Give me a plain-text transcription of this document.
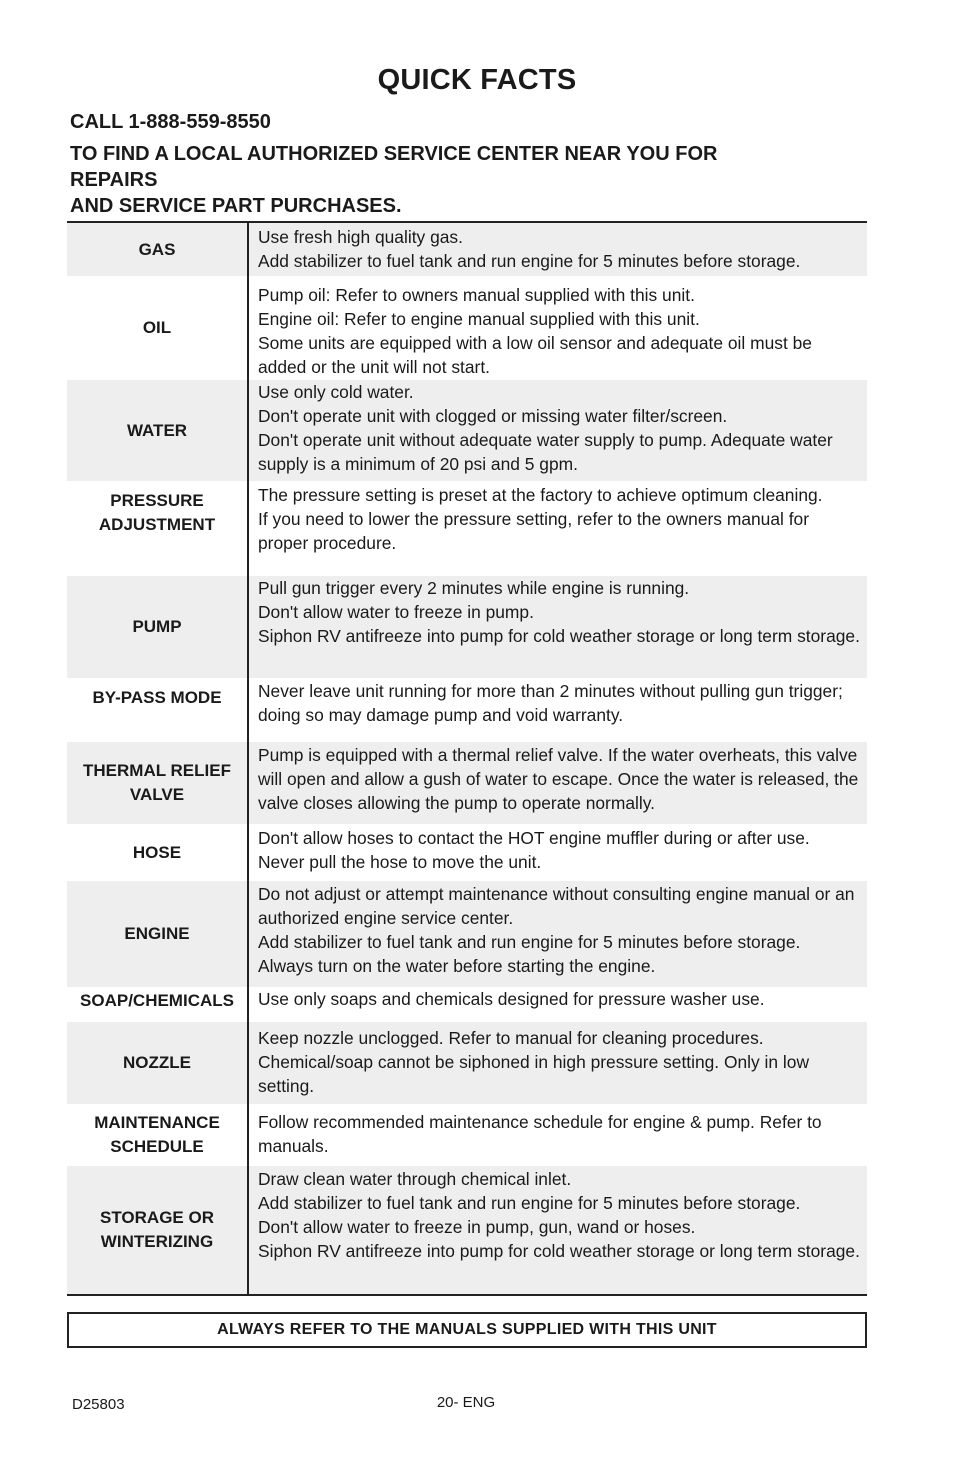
QUICK FACTS
CALL 1-888-559-8550
TO FIND A LOCAL AUTHORIZED SERVICE CENTER NEAR YOU FOR
REPAIRS
AND SERVICE PART PURCHASES.
GAS
Use fresh high quality gas.
Add stabilizer to fuel tank and run engine for 5 minutes before storage.
OIL
Pump oil: Refer to owners manual supplied with this unit.
Engine oil: Refer to engine manual supplied with this unit.
Some units are equipped with a low oil sensor and adequate oil must be added or the unit will not start.
WATER
Use only cold water.
Don't operate unit with clogged or missing water filter/screen.
Don't operate unit without adequate water supply to pump. Adequate water supply is a minimum of 20 psi and 5 gpm.
PRESSURE ADJUSTMENT
The pressure setting is preset at the factory to achieve optimum cleaning.
If you need to lower the pressure setting, refer to the owners manual for proper procedure.
PUMP
Pull gun trigger every 2 minutes while engine is running.
Don't allow water to freeze in pump.
Siphon RV antifreeze into pump for cold weather storage or long term storage.
BY-PASS MODE Never leave unit running for more than 2 minutes without pulling gun trigger; doing so may damage pump and void warranty.
THERMAL RELIEF VALVE
Pump is equipped with a thermal relief valve. If the water overheats, this valve will open and allow a gush of water to escape. Once the water is released, the valve closes allowing the pump to operate normally.
HOSE
Don't allow hoses to contact the HOT engine muffler during or after use.
Never pull the hose to move the unit.
ENGINE
Do not adjust or attempt maintenance without consulting engine manual or an authorized engine service center.
Add stabilizer to fuel tank and run engine for 5 minutes before storage.
Always turn on the water before starting the engine.
SOAP/CHEMICALS Use only soaps and chemicals designed for pressure washer use.
NOZZLE
Keep nozzle unclogged. Refer to manual for cleaning procedures.
Chemical/soap cannot be siphoned in high pressure setting. Only in low setting.
MAINTENANCE SCHEDULE
Follow recommended maintenance schedule for engine & pump. Refer to manuals.
STORAGE OR WINTERIZING
Draw clean water through chemical inlet.
Add stabilizer to fuel tank and run engine for 5 minutes before storage.
Don't allow water to freeze in pump, gun, wand or hoses.
Siphon RV antifreeze into pump for cold weather storage or long term storage.
ALWAYS REFER TO THE MANUALS SUPPLIED WITH THIS UNIT
D25803	20- ENG
